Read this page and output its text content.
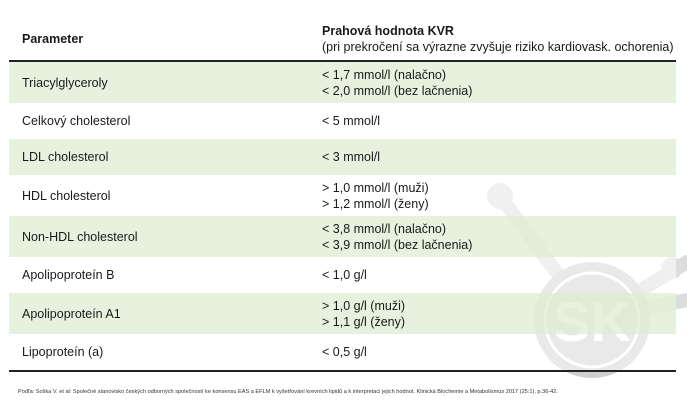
Parameter	Prahová hodnota KVR
(pri prekročení sa výrazne zvyšuje riziko kardiovask. ochorenia)

Triacylglyceroly	< 1,7 mmol/l (nalačno)
< 2,0 mmol/l (bez lačnenia)

Celkový cholesterol	< 5 mmol/l

LDL cholesterol	< 3 mmol/l

HDL cholesterol	> 1,0 mmol/l (muži)
> 1,2 mmol/l (ženy)

Non-HDL cholesterol	< 3,8 mmol/l (nalačno)
< 3,9 mmol/l (bez lačnenia)

Apolipoproteín B	< 1,0 g/l

Apolipoproteín A1	> 1,0 g/l (muži)
> 1,1 g/l (ženy)

Lipoproteín (a)	< 0,5 g/l
Podľa: Soška V. et al: Společné stanovisko českých odborných společností ke konsensu EAS a EFLM k vyšetřování krevních lipidů a k interpretaci jejich hodnot. Klinická Biochemie a Metabolismus 2017 (25:1), p.36-42.
